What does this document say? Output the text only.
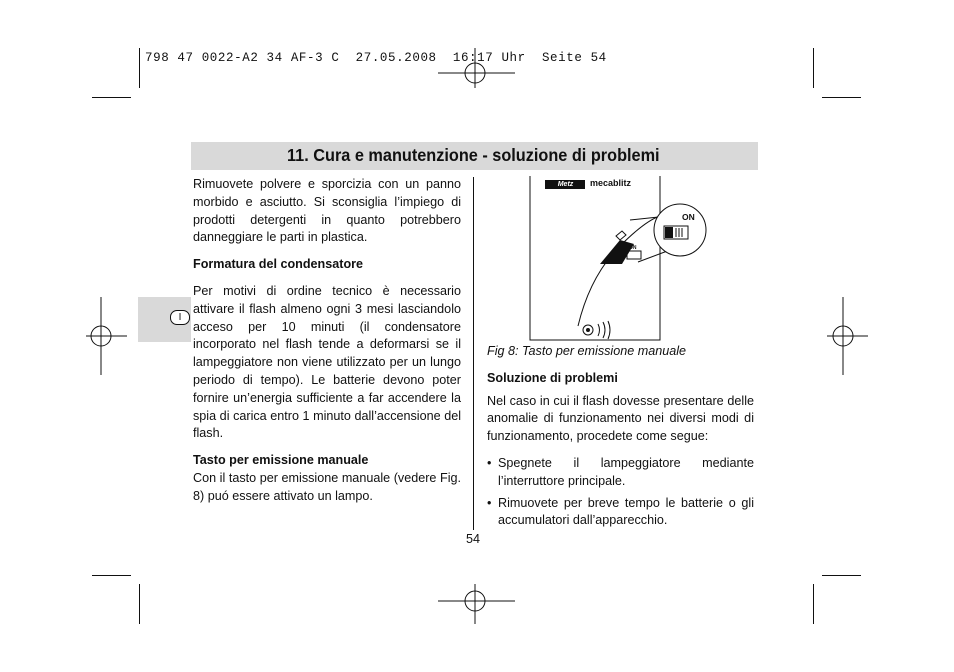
798 47 0022-A2 34 AF-3 C  27.05.2008  16:17 Uhr  Seite 54
11. Cura e manutenzione - soluzione di problemi
I

Rimuovete polvere e sporcizia con un panno morbido e asciutto. Si sconsiglia l’impiego di prodotti detergenti in quanto potrebbero danneggiare le parti in plastica.

Formatura del condensatore

Per motivi di ordine tecnico è necessario attivare il flash almeno ogni 3 mesi lasciandolo acceso per 10 minuti (il condensatore incorporato nel flash tende a deformarsi se il lampeggiatore non viene utilizzato per un lungo periodo di tempo). Le batterie devono poter fornire un’energia sufficiente a far accendere la spia di carica entro 1 minuto dall’accensione del flash.

Tasto per emissione manuale

Con il tasto per emissione manuale (vedere Fig. 8) puó essere attivato un lampo.

Metz	mecablitz
ON
ON

Fig 8: Tasto per emissione manuale

Soluzione di problemi

Nel caso in cui il flash dovesse presentare delle anomalie di funzionamento nei diversi modi di funzionamento, procedete come segue:

• Spegnete il lampeggiatore mediante l’interruttore principale.
• Rimuovete per breve tempo le batterie o gli accumulatori dall’apparecchio.
54
